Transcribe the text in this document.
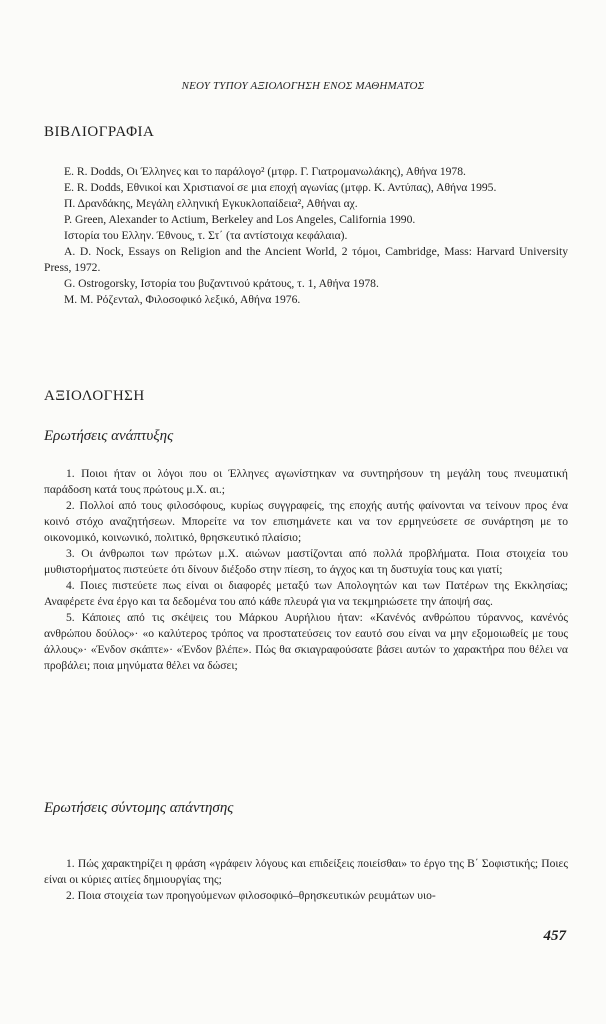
ΝΕΟΥ ΤΥΠΟΥ ΑΞΙΟΛΟΓΗΣΗ ΕΝΟΣ ΜΑΘΗΜΑΤΟΣ
ΒΙΒΛΙΟΓΡΑΦΙΑ

E. R. Dodds, Οι Έλληνες και το παράλογο² (μτφρ. Γ. Γιατρομανωλάκης), Αθήνα 1978.

E. R. Dodds, Εθνικοί και Χριστιανοί σε μια εποχή αγωνίας (μτφρ. Κ. Αντύπας), Αθήνα 1995.

Π. Δρανδάκης, Μεγάλη ελληνική Εγκυκλοπαίδεια², Αθήναι αχ.

P. Green, Alexander to Actium, Berkeley and Los Angeles, California 1990.

Ιστορία του Ελλην. Έθνους, τ. Στ΄ (τα αντίστοιχα κεφάλαια).

A. D. Nock, Essays on Religion and the Ancient World, 2 τόμοι, Cambridge, Mass: Harvard University Press, 1972.

G. Ostrogorsky, Ιστορία του βυζαντινού κράτους, τ. 1, Αθήνα 1978.

M. M. Ρόζενταλ, Φιλοσοφικό λεξικό, Αθήνα 1976.

ΑΞΙΟΛΟΓΗΣΗ
Ερωτήσεις ανάπτυξης

1. Ποιοι ήταν οι λόγοι που οι Έλληνες αγωνίστηκαν να συντηρήσουν τη μεγάλη τους πνευματική παράδοση κατά τους πρώτους μ.Χ. αι.;

2. Πολλοί από τους φιλοσόφους, κυρίως συγγραφείς, της εποχής αυτής φαίνονται να τείνουν προς ένα κοινό στόχο αναζητήσεων. Μπορείτε να τον επισημάνετε και να τον ερμηνεύσετε σε συνάρτηση με το οικονομικό, κοινωνικό, πολιτικό, θρησκευτικό πλαίσιο;

3. Οι άνθρωποι των πρώτων μ.Χ. αιώνων μαστίζονται από πολλά προβλήματα. Ποια στοιχεία του μυθιστορήματος πιστεύετε ότι δίνουν διέξοδο στην πίεση, το άγχος και τη δυστυχία τους και γιατί;

4. Ποιες πιστεύετε πως είναι οι διαφορές μεταξύ των Απολογητών και των Πατέρων της Εκκλησίας; Αναφέρετε ένα έργο και τα δεδομένα του από κάθε πλευρά για να τεκμηριώσετε την άποψή σας.

5. Κάποιες από τις σκέψεις του Μάρκου Αυρήλιου ήταν: «Κανένός ανθρώπου τύραννος, κανένός ανθρώπου δούλος»· «ο καλύτερος τρόπος να προστατεύσεις τον εαυτό σου είναι να μην εξομοιωθείς με τους άλλους»· «Ένδον σκάπτε»· «Ένδον βλέπε». Πώς θα σκιαγραφούσατε βάσει αυτών το χαρακτήρα που θέλει να προβάλει; ποια μηνύματα θέλει να δώσει;

Ερωτήσεις σύντομης απάντησης

1. Πώς χαρακτηρίζει η φράση «γράφειν λόγους και επιδείξεις ποιείσθαι» το έργο της Β΄ Σοφιστικής; Ποιες είναι οι κύριες αιτίες δημιουργίας της;

2. Ποια στοιχεία των προηγούμενων φιλοσοφικό–θρησκευτικών ρευμάτων υιο-

457
